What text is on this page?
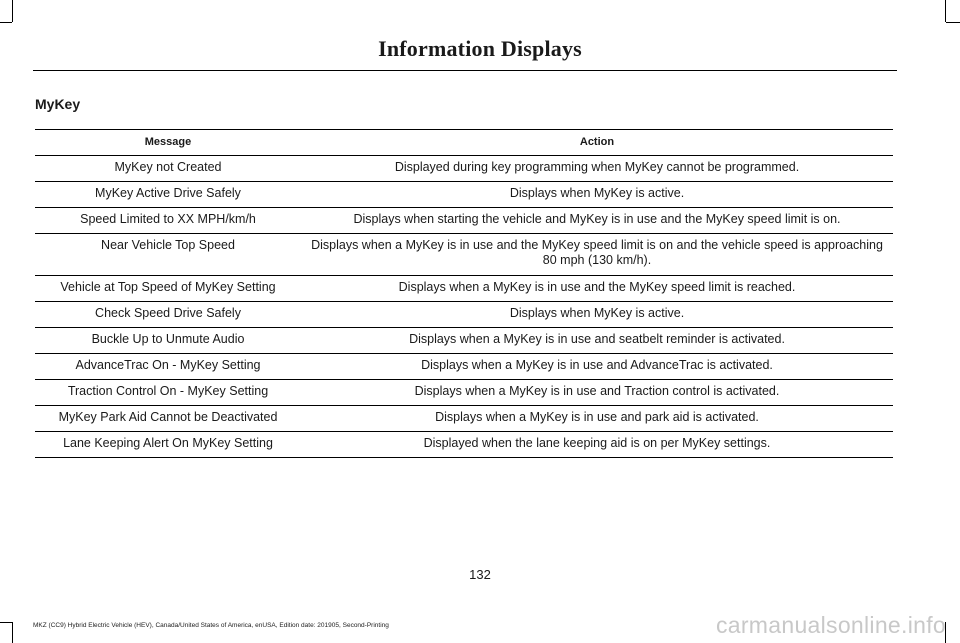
Information Displays
MyKey
Message	Action
MyKey not Created	Displayed during key programming when MyKey cannot be programmed.
MyKey Active Drive Safely	Displays when MyKey is active.
Speed Limited to XX MPH/km/h	Displays when starting the vehicle and MyKey is in use and the MyKey speed limit is on.
Near Vehicle Top Speed	Displays when a MyKey is in use and the MyKey speed limit is on and the vehicle speed is approaching 80 mph (130 km/h).
Vehicle at Top Speed of MyKey Setting	Displays when a MyKey is in use and the MyKey speed limit is reached.
Check Speed Drive Safely	Displays when MyKey is active.
Buckle Up to Unmute Audio	Displays when a MyKey is in use and seatbelt reminder is activated.
AdvanceTrac On - MyKey Setting	Displays when a MyKey is in use and AdvanceTrac is activated.
Traction Control On - MyKey Setting	Displays when a MyKey is in use and Traction control is activated.
MyKey Park Aid Cannot be Deactivated	Displays when a MyKey is in use and park aid is activated.
Lane Keeping Alert On MyKey Setting	Displayed when the lane keeping aid is on per MyKey settings.
132
MKZ (CC9) Hybrid Electric Vehicle (HEV), Canada/United States of America, enUSA, Edition date: 201905, Second-Printing	carmanualsonline.info
